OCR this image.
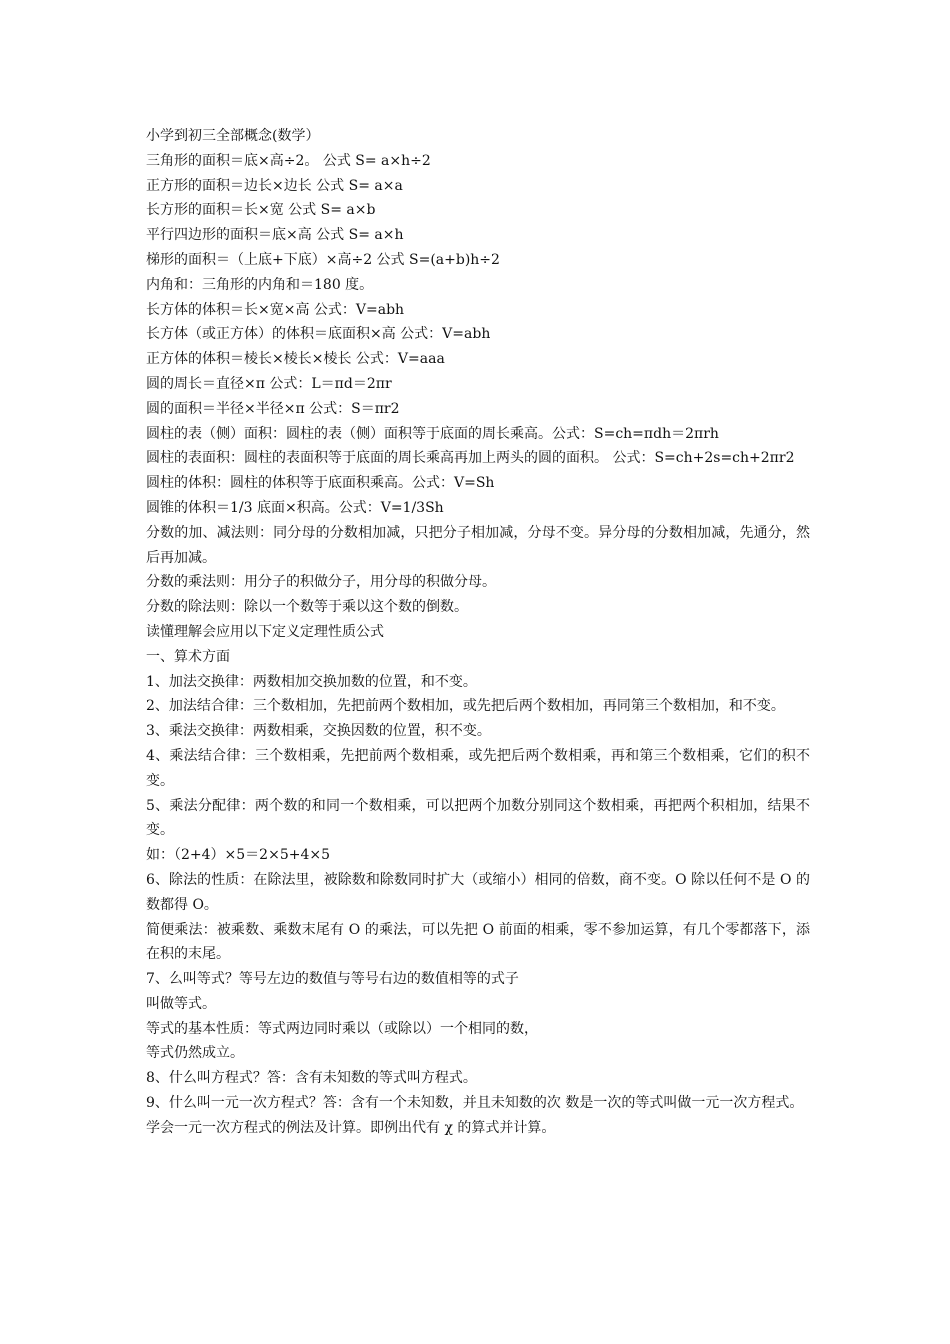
小学到初三全部概念(数学）

三角形的面积＝底×高÷2。 公式 S= a×h÷2

正方形的面积＝边长×边长 公式 S= a×a

长方形的面积＝长×宽 公式 S= a×b

平行四边形的面积＝底×高 公式 S= a×h

梯形的面积＝（上底+下底）×高÷2 公式 S=(a+b)h÷2

内角和：三角形的内角和＝180 度。

长方体的体积＝长×宽×高 公式：V=abh

长方体（或正方体）的体积＝底面积×高 公式：V=abh

正方体的体积＝棱长×棱长×棱长 公式：V=aaa

圆的周长＝直径×π 公式：L＝πd＝2πr

圆的面积＝半径×半径×π 公式：S＝πr2

圆柱的表（侧）面积：圆柱的表（侧）面积等于底面的周长乘高。公式：S=ch=πdh＝2πrh

圆柱的表面积：圆柱的表面积等于底面的周长乘高再加上两头的圆的面积。 公式：S=ch+2s=ch+2πr2

圆柱的体积：圆柱的体积等于底面积乘高。公式：V=Sh

圆锥的体积＝1/3 底面×积高。公式：V=1/3Sh

分数的加、减法则：同分母的分数相加减，只把分子相加减，分母不变。异分母的分数相加减，先通分，然后再加减。

分数的乘法则：用分子的积做分子，用分母的积做分母。

分数的除法则：除以一个数等于乘以这个数的倒数。

读懂理解会应用以下定义定理性质公式

一、算术方面

1、加法交换律：两数相加交换加数的位置，和不变。

2、加法结合律：三个数相加，先把前两个数相加，或先把后两个数相加，再同第三个数相加，和不变。

3、乘法交换律：两数相乘，交换因数的位置，积不变。

4、乘法结合律：三个数相乘，先把前两个数相乘，或先把后两个数相乘，再和第三个数相乘，它们的积不变。

5、乘法分配律：两个数的和同一个数相乘，可以把两个加数分别同这个数相乘，再把两个积相加，结果不变。

如：（2+4）×5＝2×5+4×5

6、除法的性质：在除法里，被除数和除数同时扩大（或缩小）相同的倍数，商不变。O 除以任何不是 O 的数都得 O。

简便乘法：被乘数、乘数末尾有 O 的乘法，可以先把 O 前面的相乘，零不参加运算，有几个零都落下，添在积的末尾。

7、么叫等式？等号左边的数值与等号右边的数值相等的式子

叫做等式。

等式的基本性质：等式两边同时乘以（或除以）一个相同的数，

等式仍然成立。

8、什么叫方程式？答：含有未知数的等式叫方程式。

9、什么叫一元一次方程式？答：含有一个未知数，并且未知数的次 数是一次的等式叫做一元一次方程式。

学会一元一次方程式的例法及计算。即例出代有 χ 的算式并计算。
